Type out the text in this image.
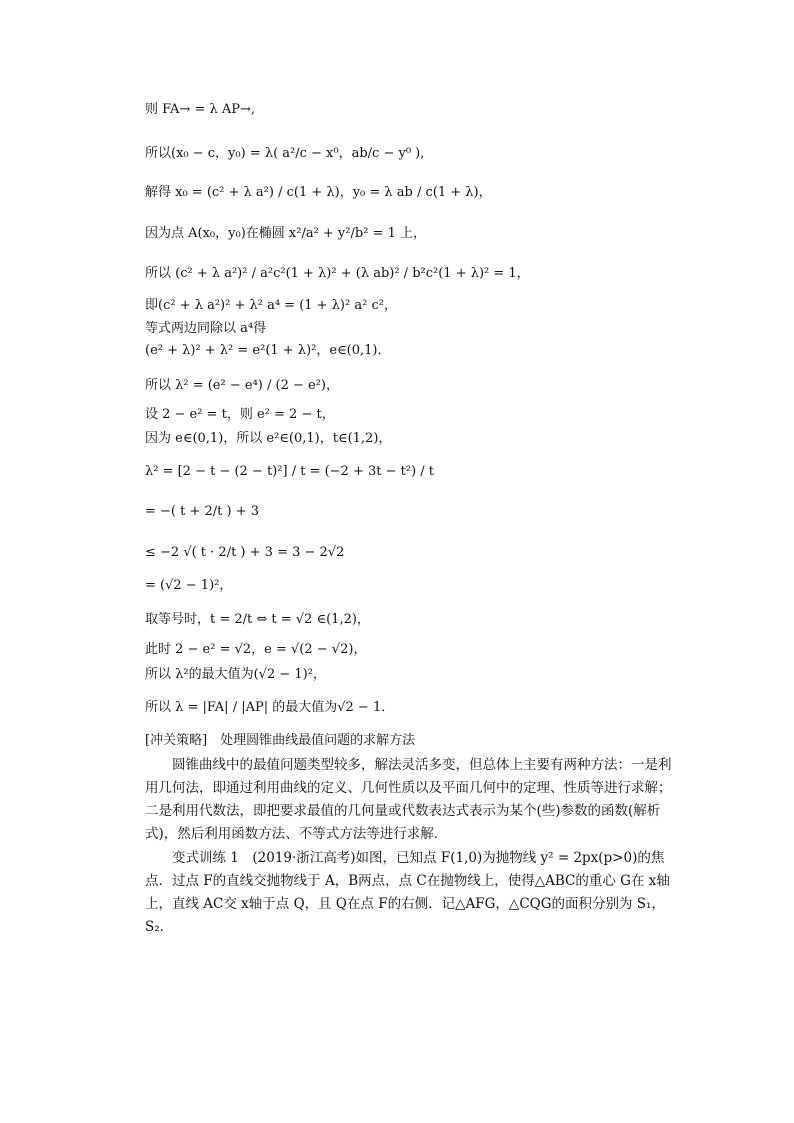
则 FA→ = λ AP→,
所以(x₀ − c，y₀) = λ( a²/c − x⁰，ab/c − y⁰ ),
解得 x₀ = (c² + λ a²) / c(1 + λ)，y₀ = λ ab / c(1 + λ)，
因为点 A(x₀，y₀)在椭圆 x²/a² + y²/b² = 1 上，
所以 (c² + λ a²)² / a²c²(1 + λ)² + (λ ab)² / b²c²(1 + λ)² = 1，
即(c² + λ a²)² + λ² a⁴ = (1 + λ)² a² c²，
等式两边同除以 a⁴得
(e² + λ)² + λ² = e²(1 + λ)²，e∈(0,1)．
所以 λ² = (e² − e⁴) / (2 − e²)，
设 2 − e² = t，则 e² = 2 − t，
因为 e∈(0,1)，所以 e²∈(0,1)，t∈(1,2)，
λ² = [2 − t − (2 − t)²] / t = (−2 + 3t − t²) / t
= −( t + 2/t ) + 3
≤ −2 √( t · 2/t ) + 3 = 3 − 2√2
= (√2 − 1)²，
取等号时，t = 2/t ⇔ t = √2 ∈(1,2)，
此时 2 − e² = √2，e = √(2 − √2)，
所以 λ²的最大值为(√2 − 1)²，
所以 λ = |FA| / |AP| 的最大值为√2 − 1．
[冲关策略]　处理圆锥曲线最值问题的求解方法

圆锥曲线中的最值问题类型较多，解法灵活多变，但总体上主要有两种方法：一是利用几何法，即通过利用曲线的定义、几何性质以及平面几何中的定理、性质等进行求解；二是利用代数法，即把要求最值的几何量或代数表达式表示为某个(些)参数的函数(解析式)，然后利用函数方法、不等式方法等进行求解．

变式训练 1　(2019·浙江高考)如图，已知点 F(1,0)为抛物线 y² = 2px(p>0)的焦点．过点 F的直线交抛物线于 A，B两点，点 C在抛物线上，使得△ABC的重心 G在 x轴上，直线 AC交 x轴于点 Q，且 Q在点 F的右侧．记△AFG，△CQG的面积分别为 S₁，S₂．
